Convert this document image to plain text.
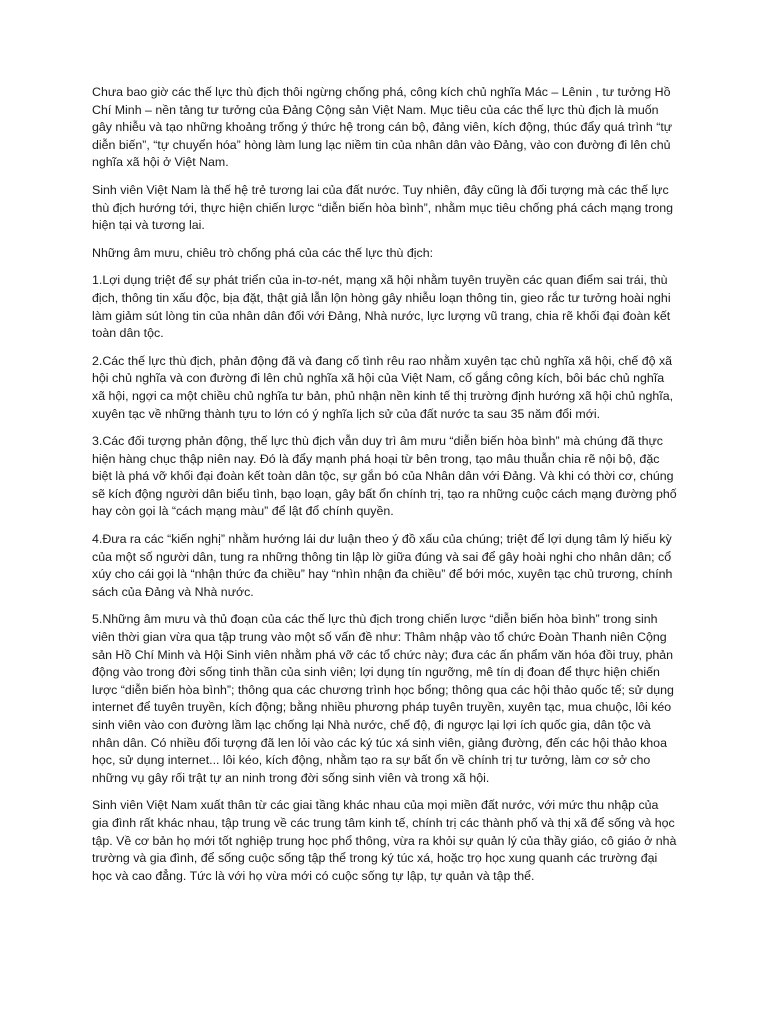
Chưa bao giờ các thế lực thù địch thôi ngừng chống phá, công kích chủ nghĩa Mác – Lênin , tư tưởng Hồ Chí Minh – nền tảng tư tưởng của Đảng Cộng sản Việt Nam. Mục tiêu của các thế lực thù địch là muốn gây nhiễu và tạo những khoảng trống ý thức hệ trong cán bộ, đảng viên, kích động, thúc đẩy quá trình “tự diễn biến”, “tự chuyển hóa” hòng làm lung lạc niềm tin của nhân dân vào Đảng, vào con đường đi lên chủ nghĩa xã hội ở Việt Nam.

Sinh viên Việt Nam là thế hệ trẻ tương lai của đất nước. Tuy nhiên, đây cũng là đối tượng mà các thế lực thù địch hướng tới, thực hiện chiến lược “diễn biến hòa bình”, nhằm mục tiêu chống phá cách mạng trong hiện tại và tương lai.

Những âm mưu, chiêu trò chống phá của các thế lực thù địch:

1.Lợi dụng triệt để sự phát triển của in-tơ-nét, mạng xã hội nhằm tuyên truyền các quan điểm sai trái, thù địch, thông tin xấu độc, bịa đặt, thật giả lẫn lộn hòng gây nhiễu loạn thông tin, gieo rắc tư tưởng hoài nghi làm giảm sút lòng tin của nhân dân đối với Đảng, Nhà nước, lực lượng vũ trang, chia rẽ khối đại đoàn kết toàn dân tộc.

2.Các thế lực thù địch, phản động đã và đang cố tình rêu rao nhằm xuyên tạc chủ nghĩa xã hội, chế độ xã hội chủ nghĩa và con đường đi lên chủ nghĩa xã hội của Việt Nam, cố gắng công kích, bôi bác chủ nghĩa xã hội, ngợi ca một chiều chủ nghĩa tư bản, phủ nhận nền kinh tế thị trường định hướng xã hội chủ nghĩa, xuyên tạc về những thành tựu to lớn có ý nghĩa lịch sử của đất nước ta sau 35 năm đổi mới.

3.Các đối tượng phản động, thế lực thù địch vẫn duy trì âm mưu “diễn biến hòa bình” mà chúng đã thực hiện hàng chục thập niên nay. Đó là đẩy mạnh phá hoại từ bên trong, tạo mâu thuẫn chia rẽ nội bộ, đặc biệt là phá vỡ khối đại đoàn kết toàn dân tộc, sự gắn bó của Nhân dân với Đảng. Và khi có thời cơ, chúng sẽ kích động người dân biểu tình, bạo loạn, gây bất ổn chính trị, tạo ra những cuộc cách mạng đường phố hay còn gọi là “cách mạng màu” để lật đổ chính quyền.

4.Đưa ra các “kiến nghị” nhằm hướng lái dư luận theo ý đồ xấu của chúng; triệt để lợi dụng tâm lý hiếu kỳ của một số người dân, tung ra những thông tin lập lờ giữa đúng và sai để gây hoài nghi cho nhân dân; cổ xúy cho cái gọi là “nhận thức đa chiều” hay “nhìn nhận đa chiều” để bới móc, xuyên tạc chủ trương, chính sách của Đảng và Nhà nước.

5.Những âm mưu và thủ đoạn của các thế lực thù địch trong chiến lược “diễn biến hòa bình” trong sinh viên thời gian vừa qua tập trung vào một số vấn đề như: Thâm nhập vào tổ chức Đoàn Thanh niên Cộng sản Hồ Chí Minh và Hội Sinh viên nhằm phá vỡ các tổ chức này; đưa các ấn phẩm văn hóa đồi truy, phản động vào trong đời sống tinh thần của sinh viên; lợi dụng tín ngưỡng, mê tín dị đoan để thực hiện chiến lược “diễn biến hòa bình”; thông qua các chương trình học bổng; thông qua các hội thảo quốc tế; sử dụng internet để tuyên truyền, kích động; bằng nhiều phương pháp tuyên truyền, xuyên tạc, mua chuộc, lôi kéo sinh viên vào con đường lầm lạc chống lại Nhà nước, chế độ, đi ngược lại lợi ích quốc gia, dân tộc và nhân dân. Có nhiều đối tượng đã len lỏi vào các ký túc xá sinh viên, giảng đường, đến các hội thảo khoa học, sử dụng internet... lôi kéo, kích động, nhằm tạo ra sự bất ổn về chính trị tư tưởng, làm cơ sở cho những vụ gây rối trật tự an ninh trong đời sống sinh viên và trong xã hội.

Sinh viên Việt Nam xuất thân từ các giai tầng khác nhau của mọi miền đất nước, với mức thu nhập của gia đình rất khác nhau, tập trung về các trung tâm kinh tế, chính trị các thành phố và thị xã để sống và học tập. Về cơ bản họ mới tốt nghiệp trung học phổ thông, vừa ra khỏi sự quản lý của thầy giáo, cô giáo ở nhà trường và gia đình, để sống cuộc sống tập thể trong ký túc xá, hoặc trọ học xung quanh các trường đại học và cao đẳng. Tức là với họ vừa mới có cuộc sống tự lập, tự quản và tập thể.
